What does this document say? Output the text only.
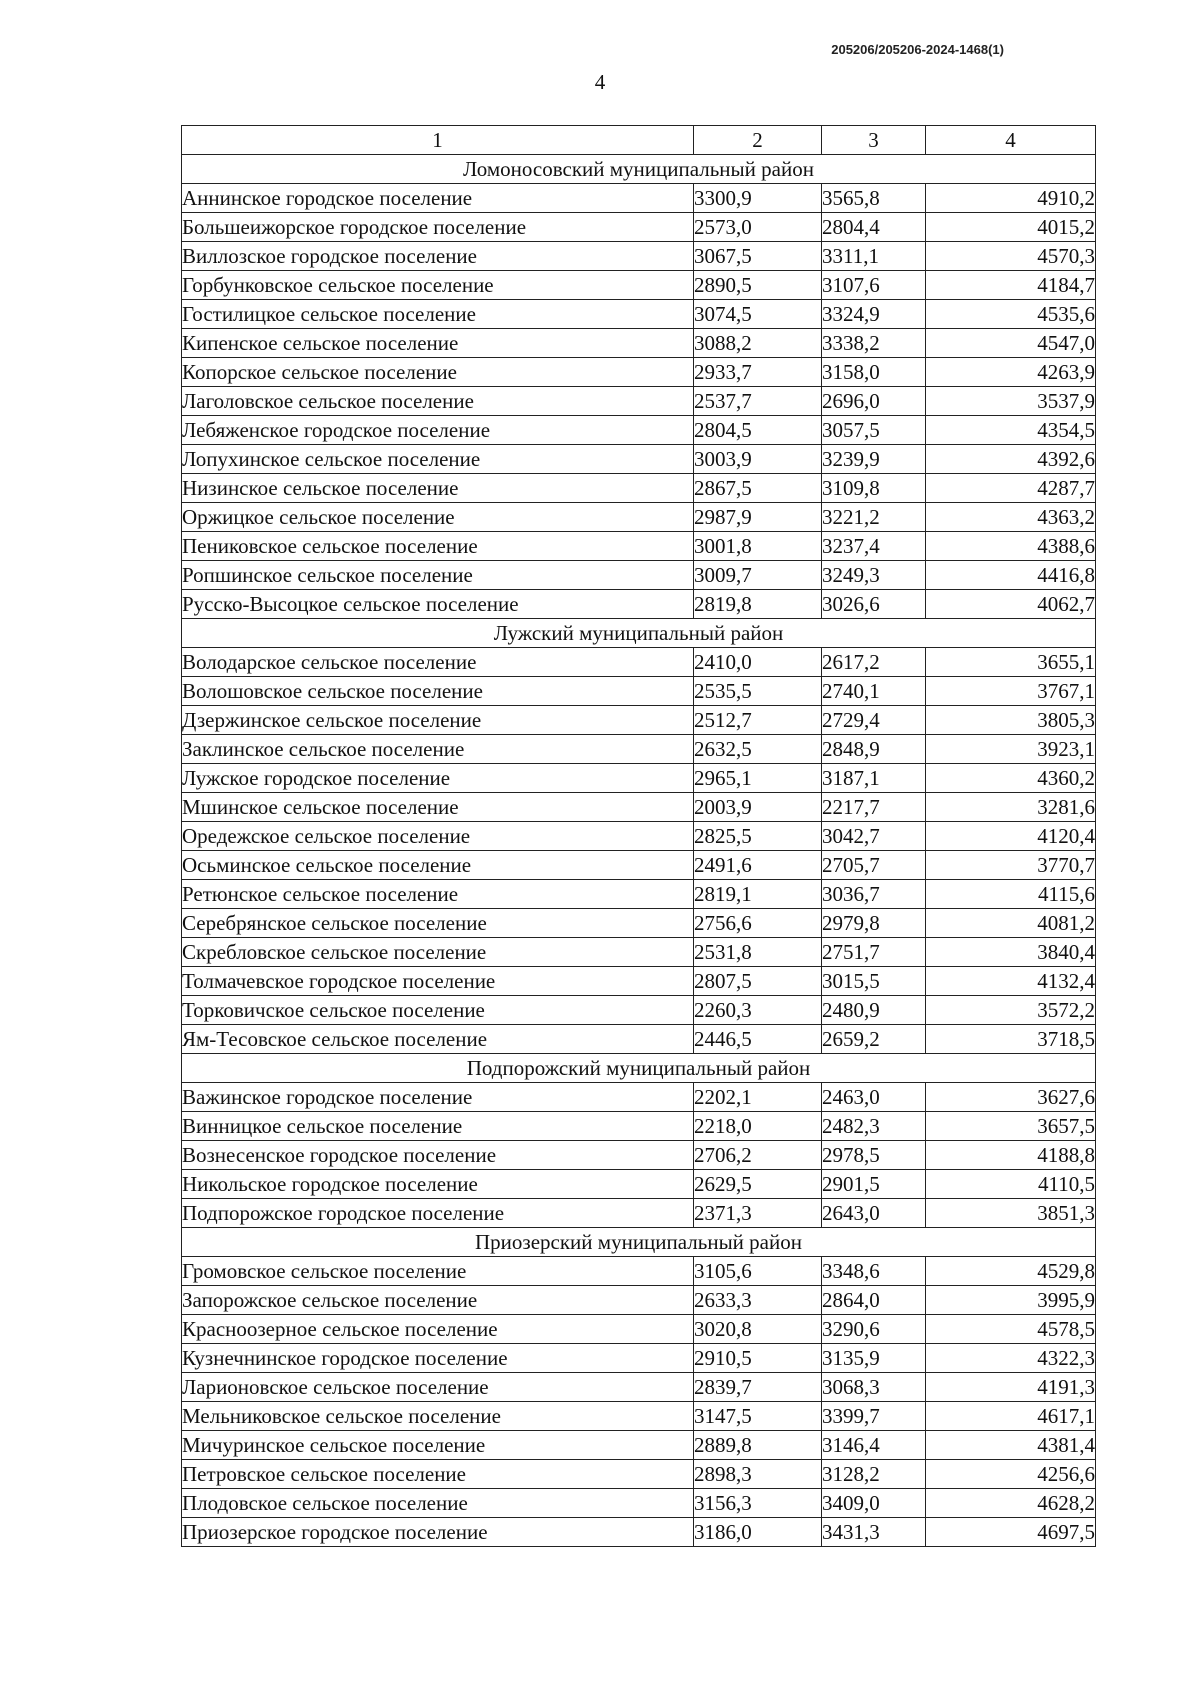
205206/205206-2024-1468(1)
4
1	2	3	4
Ломоносовский муниципальный район			
Аннинское городское поселение	3300,9	3565,8	4910,2
Большеижорское городское поселение	2573,0	2804,4	4015,2
Виллозское городское поселение	3067,5	3311,1	4570,3
Горбунковское сельское поселение	2890,5	3107,6	4184,7
Гостилицкое сельское поселение	3074,5	3324,9	4535,6
Кипенское сельское поселение	3088,2	3338,2	4547,0
Копорское сельское поселение	2933,7	3158,0	4263,9
Лаголовское сельское поселение	2537,7	2696,0	3537,9
Лебяженское городское поселение	2804,5	3057,5	4354,5
Лопухинское сельское поселение	3003,9	3239,9	4392,6
Низинское сельское поселение	2867,5	3109,8	4287,7
Оржицкое сельское поселение	2987,9	3221,2	4363,2
Пениковское сельское поселение	3001,8	3237,4	4388,6
Ропшинское сельское поселение	3009,7	3249,3	4416,8
Русско-Высоцкое сельское поселение	2819,8	3026,6	4062,7
Лужский муниципальный район			
Володарское сельское поселение	2410,0	2617,2	3655,1
Волошовское сельское поселение	2535,5	2740,1	3767,1
Дзержинское сельское поселение	2512,7	2729,4	3805,3
Заклинское сельское поселение	2632,5	2848,9	3923,1
Лужское городское поселение	2965,1	3187,1	4360,2
Мшинское сельское поселение	2003,9	2217,7	3281,6
Оредежское сельское поселение	2825,5	3042,7	4120,4
Осьминское сельское поселение	2491,6	2705,7	3770,7
Ретюнское сельское поселение	2819,1	3036,7	4115,6
Серебрянское сельское поселение	2756,6	2979,8	4081,2
Скребловское сельское поселение	2531,8	2751,7	3840,4
Толмачевское городское поселение	2807,5	3015,5	4132,4
Торковичское сельское поселение	2260,3	2480,9	3572,2
Ям-Тесовское сельское поселение	2446,5	2659,2	3718,5
Подпорожский муниципальный район			
Важинское городское поселение	2202,1	2463,0	3627,6
Винницкое сельское поселение	2218,0	2482,3	3657,5
Вознесенское городское поселение	2706,2	2978,5	4188,8
Никольское городское поселение	2629,5	2901,5	4110,5
Подпорожское городское поселение	2371,3	2643,0	3851,3
Приозерский муниципальный район			
Громовское сельское поселение	3105,6	3348,6	4529,8
Запорожское сельское поселение	2633,3	2864,0	3995,9
Красноозерное сельское поселение	3020,8	3290,6	4578,5
Кузнечнинское городское поселение	2910,5	3135,9	4322,3
Ларионовское сельское поселение	2839,7	3068,3	4191,3
Мельниковское сельское поселение	3147,5	3399,7	4617,1
Мичуринское сельское поселение	2889,8	3146,4	4381,4
Петровское сельское поселение	2898,3	3128,2	4256,6
Плодовское сельское поселение	3156,3	3409,0	4628,2
Приозерское городское поселение	3186,0	3431,3	4697,5
